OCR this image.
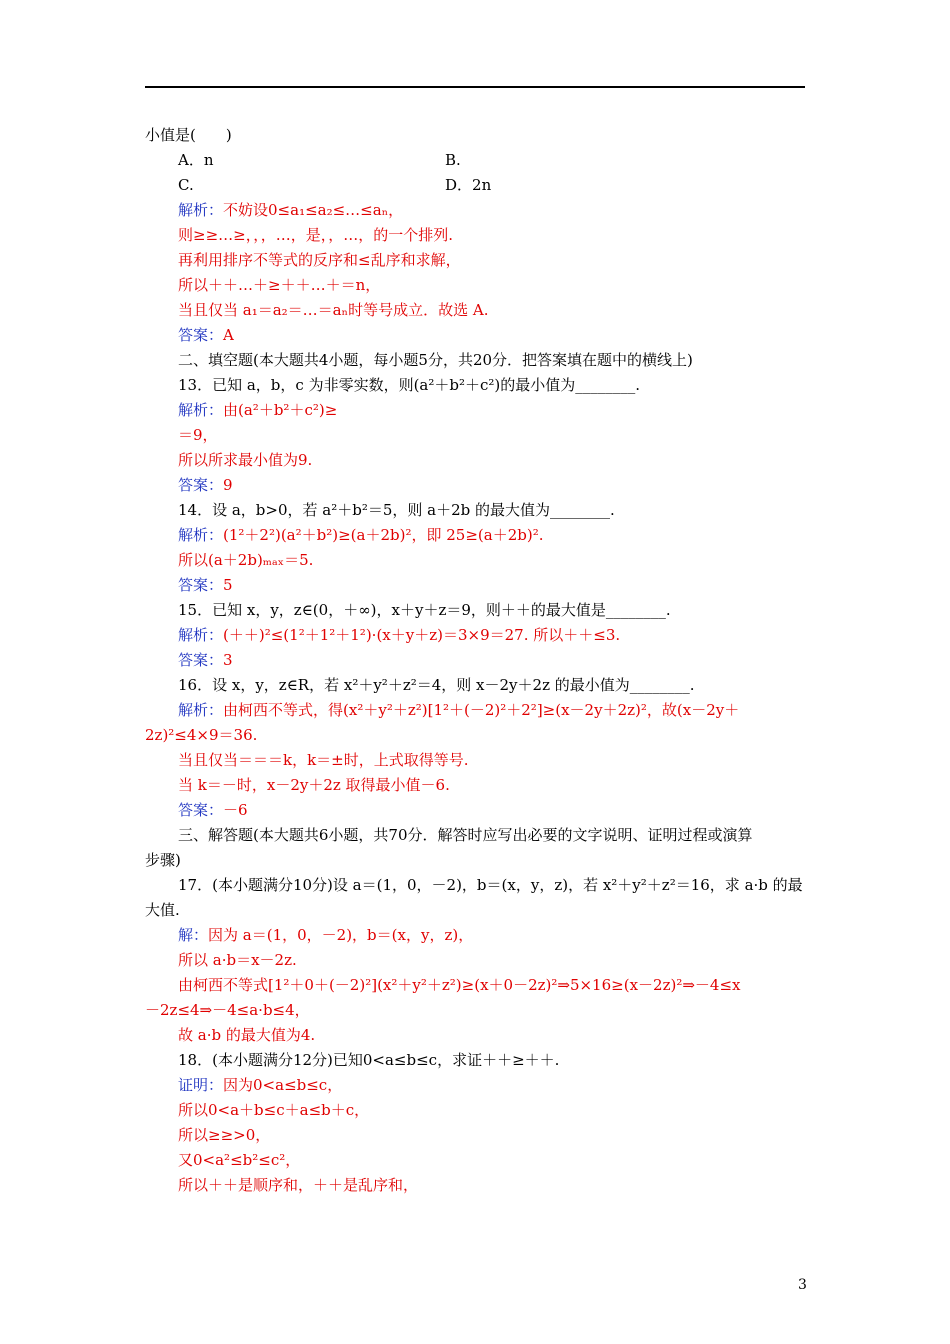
小值是(　　)
A．n	B.
C.	D．2n
解析：不妨设0≤a₁≤a₂≤…≤aₙ，
则≥≥…≥，，，…，是，，…，的一个排列.
再利用排序不等式的反序和≤乱序和求解，
所以＋＋…＋≥＋＋…＋＝n，
当且仅当 a₁＝a₂＝…＝aₙ时等号成立．故选 A.
答案：A
二、填空题(本大题共4小题，每小题5分，共20分．把答案填在题中的横线上)
13．已知 a，b，c 为非零实数，则(a²＋b²＋c²)的最小值为________.
解析：由(a²＋b²＋c²)≥
＝9，
所以所求最小值为9.
答案：9
14．设 a，b>0，若 a²＋b²＝5，则 a＋2b 的最大值为________.
解析：(1²＋2²)(a²＋b²)≥(a＋2b)²，即 25≥(a＋2b)².
所以(a＋2b)ₘₐₓ＝5.
答案：5
15．已知 x，y，z∈(0，＋∞)，x＋y＋z＝9，则＋＋的最大值是________.
解析：(＋＋)²≤(1²＋1²＋1²)·(x＋y＋z)＝3×9＝27. 所以＋＋≤3.
答案：3
16．设 x，y，z∈R，若 x²＋y²＋z²＝4，则 x－2y＋2z 的最小值为________.
解析：由柯西不等式，得(x²＋y²＋z²)[1²＋(－2)²＋2²]≥(x－2y＋2z)²，故(x－2y＋
2z)²≤4×9＝36.
当且仅当＝＝＝k，k＝±时，上式取得等号.
当 k＝－时，x－2y＋2z 取得最小值－6.
答案：－6
三、解答题(本大题共6小题，共70分．解答时应写出必要的文字说明、证明过程或演算
步骤)
17．(本小题满分10分)设 a＝(1，0，－2)，b＝(x，y，z)，若 x²＋y²＋z²＝16，求 a·b 的最
大值.
解：因为 a＝(1，0，－2)，b＝(x，y，z)，
所以 a·b＝x－2z.
由柯西不等式[1²＋0＋(－2)²](x²＋y²＋z²)≥(x＋0－2z)²⇒5×16≥(x－2z)²⇒－4≤x
－2z≤4⇒－4≤a·b≤4，
故 a·b 的最大值为4.
18．(本小题满分12分)已知0<a≤b≤c，求证＋＋≥＋＋.
证明：因为0<a≤b≤c，
所以0<a＋b≤c＋a≤b＋c，
所以≥≥>0，
又0<a²≤b²≤c²，
所以＋＋是顺序和，＋＋是乱序和，
3
